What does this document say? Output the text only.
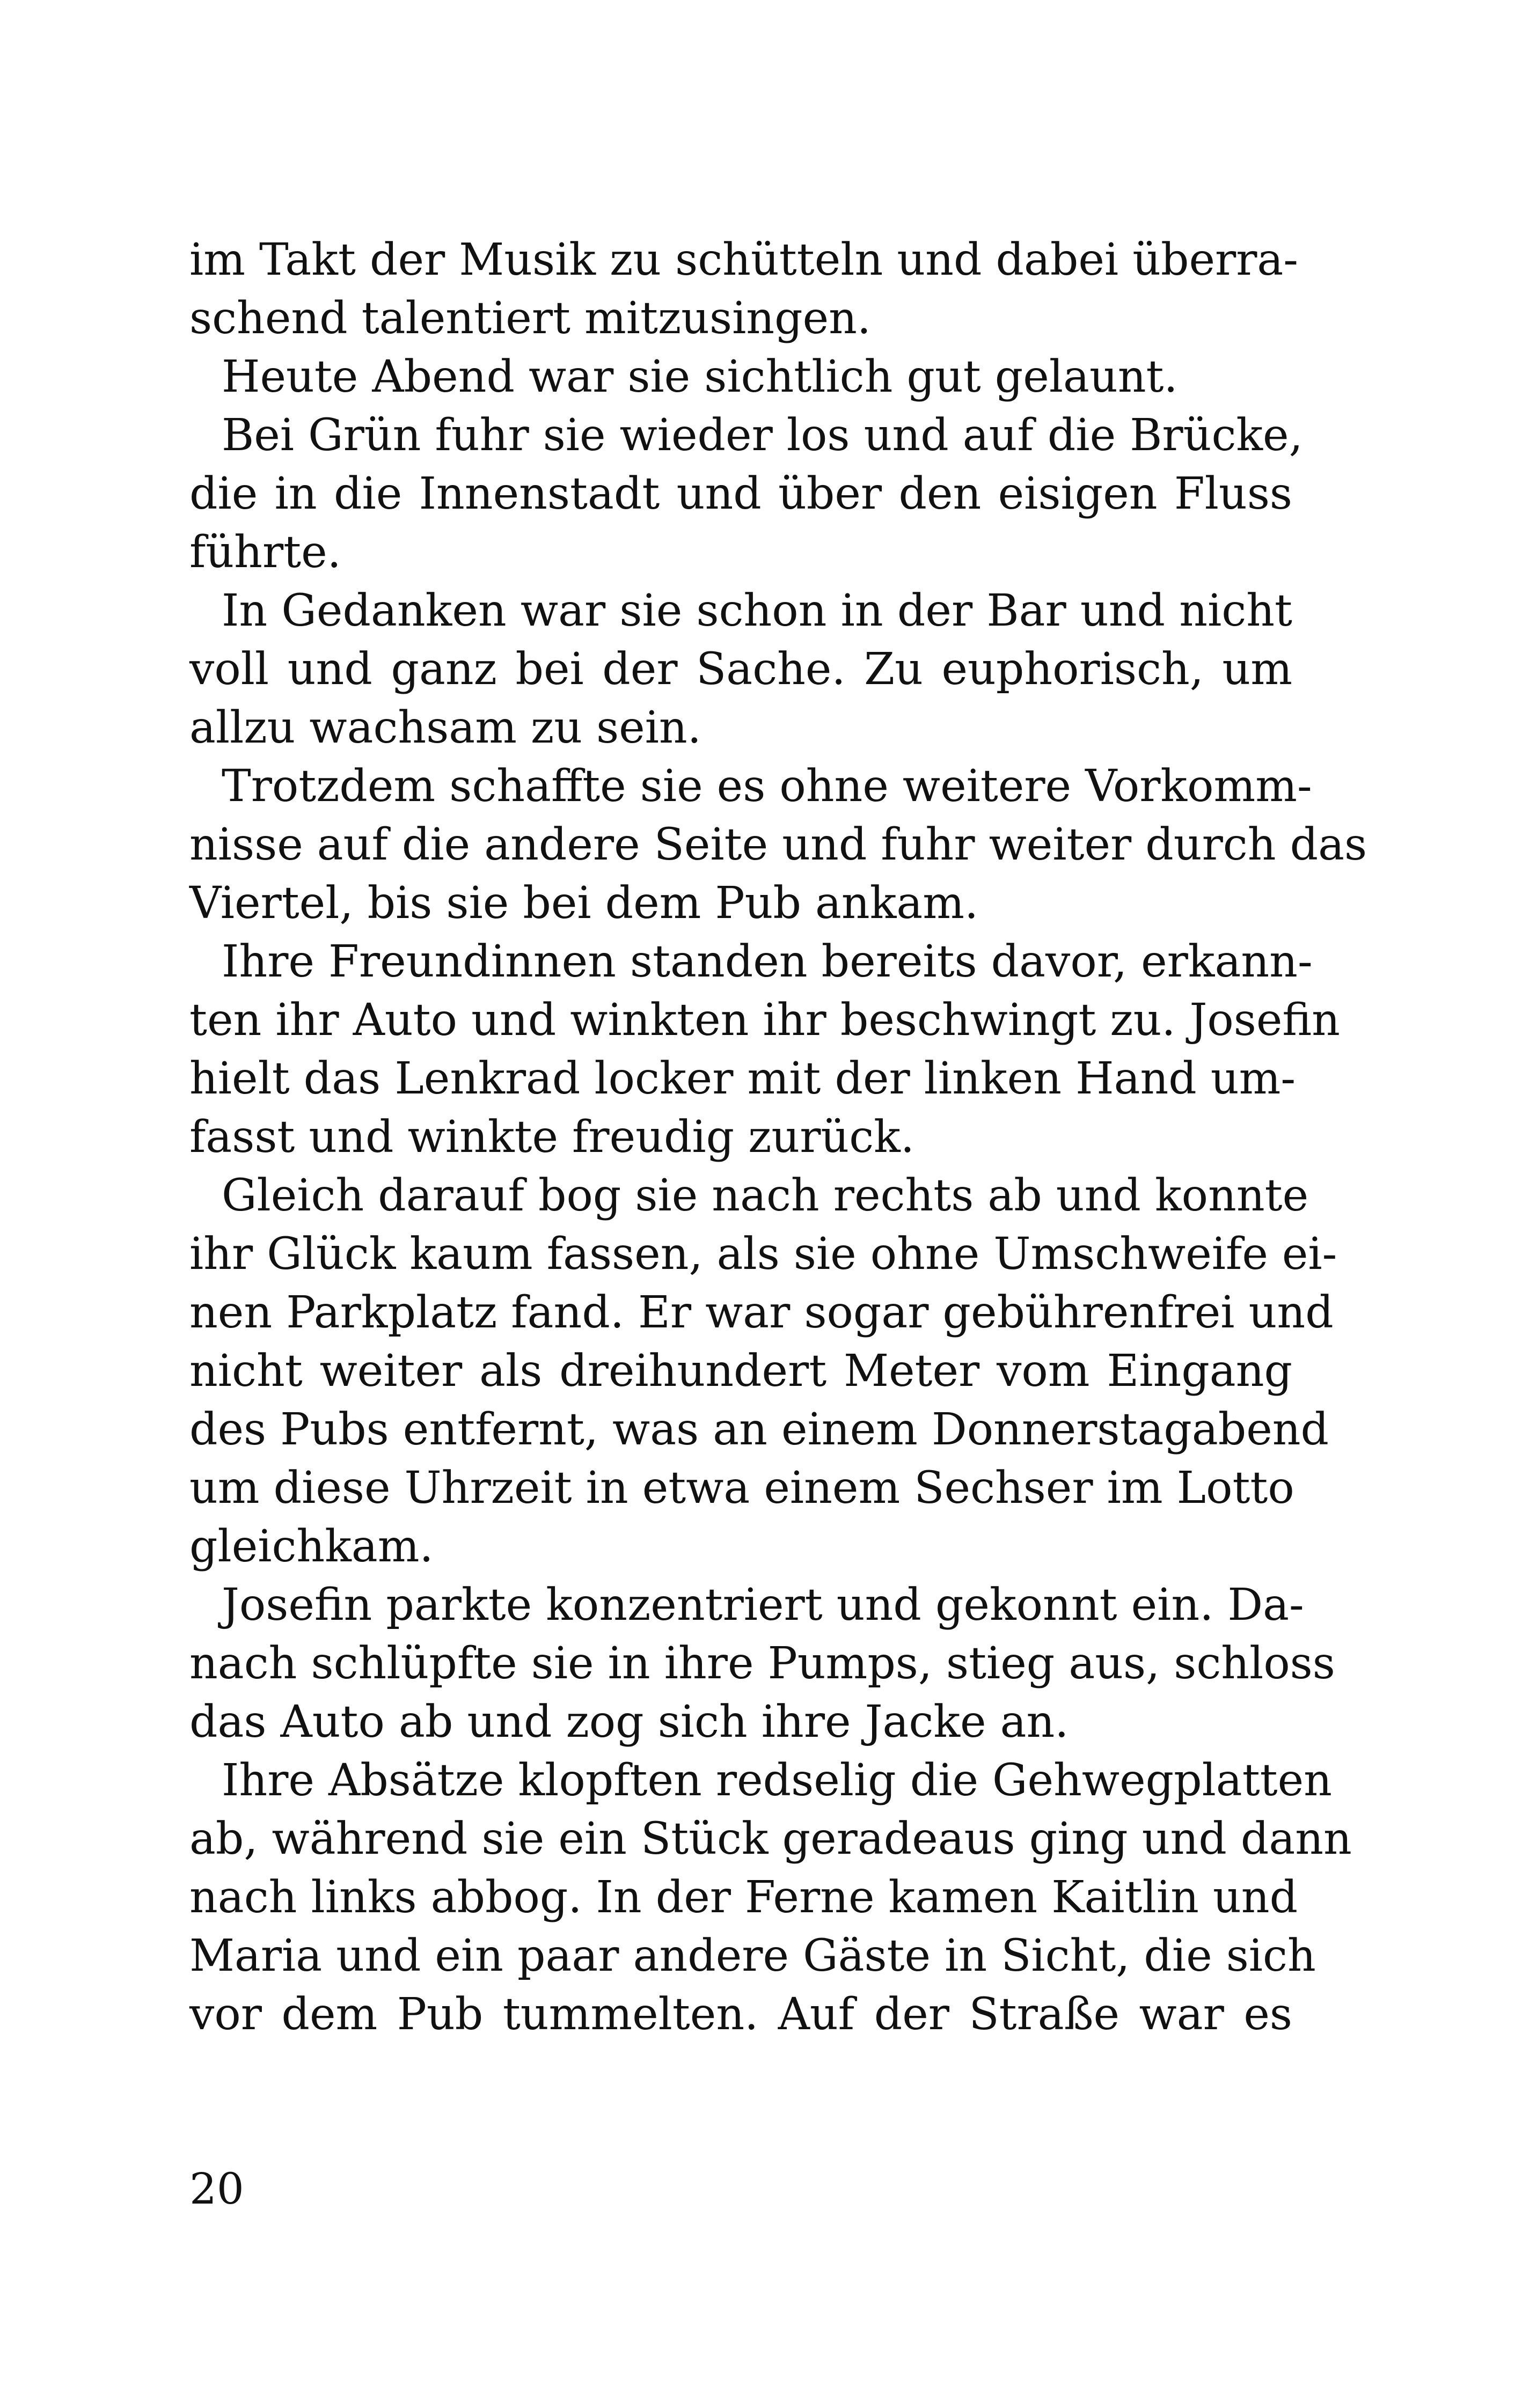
im Takt der Musik zu schütteln und dabei überra-
schend talentiert mitzusingen.
Heute Abend war sie sichtlich gut gelaunt.
Bei Grün fuhr sie wieder los und auf die Brücke,
die in die Innenstadt und über den eisigen Fluss
führte.
In Gedanken war sie schon in der Bar und nicht
voll und ganz bei der Sache. Zu euphorisch, um
allzu wachsam zu sein.
Trotzdem schaffte sie es ohne weitere Vorkomm-
nisse auf die andere Seite und fuhr weiter durch das
Viertel, bis sie bei dem Pub ankam.
Ihre Freundinnen standen bereits davor, erkann-
ten ihr Auto und winkten ihr beschwingt zu. Josefin
hielt das Lenkrad locker mit der linken Hand um-
fasst und winkte freudig zurück.
Gleich darauf bog sie nach rechts ab und konnte
ihr Glück kaum fassen, als sie ohne Umschweife ei-
nen Parkplatz fand. Er war sogar gebührenfrei und
nicht weiter als dreihundert Meter vom Eingang
des Pubs entfernt, was an einem Donnerstagabend
um diese Uhrzeit in etwa einem Sechser im Lotto
gleichkam.
Josefin parkte konzentriert und gekonnt ein. Da-
nach schlüpfte sie in ihre Pumps, stieg aus, schloss
das Auto ab und zog sich ihre Jacke an.
Ihre Absätze klopften redselig die Gehwegplatten
ab, während sie ein Stück geradeaus ging und dann
nach links abbog. In der Ferne kamen Kaitlin und
Maria und ein paar andere Gäste in Sicht, die sich
vor dem Pub tummelten. Auf der Straße war es
20
